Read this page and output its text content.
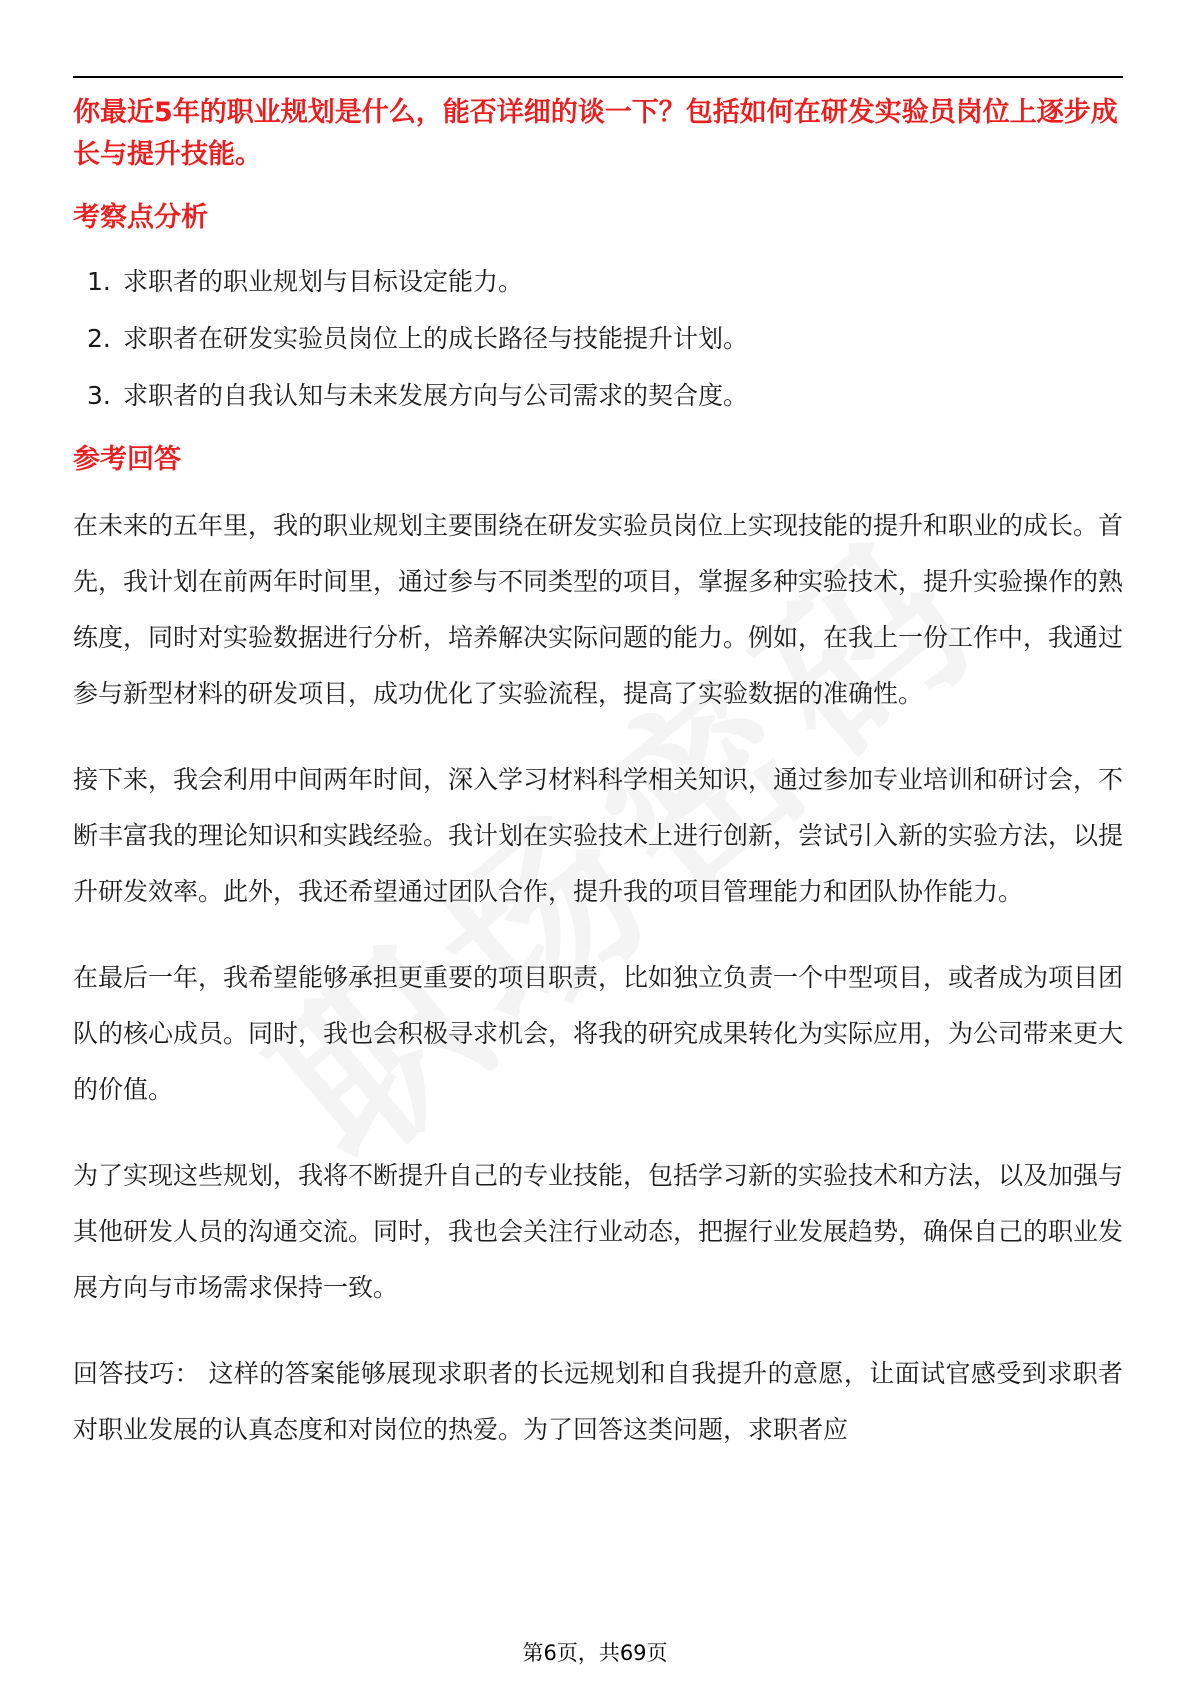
你最近5年的职业规划是什么，能否详细的谈一下？包括如何在研发实验员岗位上逐步成长与提升技能。

考察点分析
1. 求职者的职业规划与目标设定能力。
2. 求职者在研发实验员岗位上的成长路径与技能提升计划。
3. 求职者的自我认知与未来发展方向与公司需求的契合度。
参考回答

在未来的五年里，我的职业规划主要围绕在研发实验员岗位上实现技能的提升和职业的成长。首先，我计划在前两年时间里，通过参与不同类型的项目，掌握多种实验技术，提升实验操作的熟练度，同时对实验数据进行分析，培养解决实际问题的能力。例如，在我上一份工作中，我通过参与新型材料的研发项目，成功优化了实验流程，提高了实验数据的准确性。

接下来，我会利用中间两年时间，深入学习材料科学相关知识，通过参加专业培训和研讨会，不断丰富我的理论知识和实践经验。我计划在实验技术上进行创新，尝试引入新的实验方法，以提升研发效率。此外，我还希望通过团队合作，提升我的项目管理能力和团队协作能力。

在最后一年，我希望能够承担更重要的项目职责，比如独立负责一个中型项目，或者成为项目团队的核心成员。同时，我也会积极寻求机会，将我的研究成果转化为实际应用，为公司带来更大的价值。

为了实现这些规划，我将不断提升自己的专业技能，包括学习新的实验技术和方法，以及加强与其他研发人员的沟通交流。同时，我也会关注行业动态，把握行业发展趋势，确保自己的职业发展方向与市场需求保持一致。

回答技巧： 这样的答案能够展现求职者的长远规划和自我提升的意愿，让面试官感受到求职者对职业发展的认真态度和对岗位的热爱。为了回答这类问题，求职者应

第6页，共69页
